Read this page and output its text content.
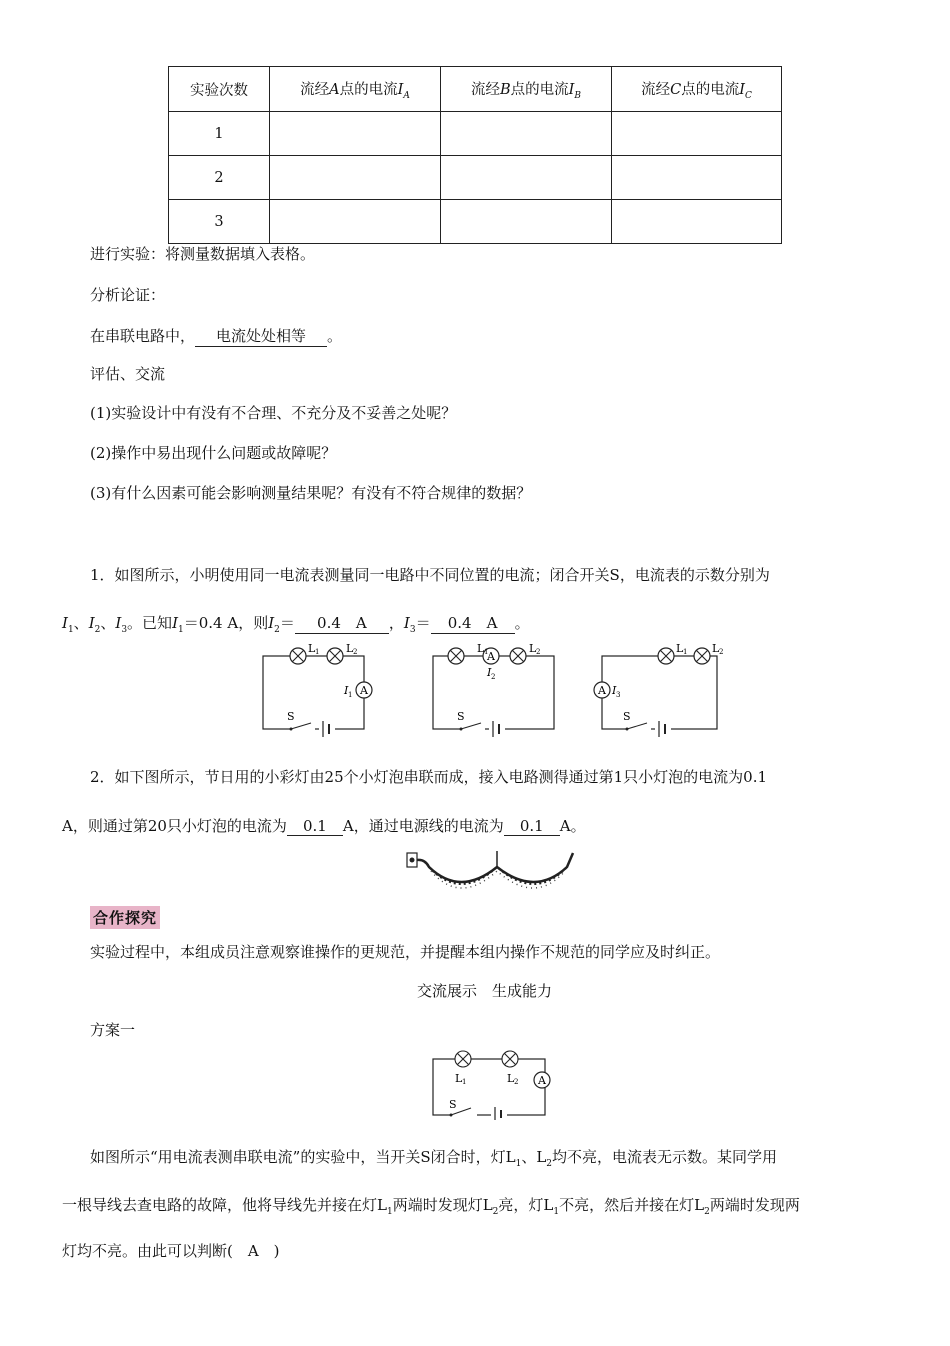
实验次数	流经A点的电流$I_A$	流经B点的电流$I_B$	流经C点的电流$I_C$
1			
2			
3			
进行实验：将测量数据填入表格。
分析论证：
在串联电路中， 电流处处相等 。
评估、交流
(1)实验设计中有没有不合理、不充分及不妥善之处呢？
(2)操作中易出现什么问题或故障呢？
(3)有什么因素可能会影响测量结果呢？有没有不符合规律的数据？
1．如图所示，小明使用同一电流表测量同一电路中不同位置的电流；闭合开关S，电流表的示数分别为
$I_1$、$I_2$、$I_3$。已知$I_1=0.4$ A，则$I_2= 0.4$　A ，$I_3= 0.4$　A 。
A
L 1 L 2
I 1
S
A
L 1	L 2
I 2
S
A I 3
L 1 L 2
S
2．如下图所示，节日用的小彩灯由25个小灯泡串联而成，接入电路测得通过第1只小灯泡的电流为0.1
A，则通过第20只小灯泡的电流为 0.1 A，通过电源线的电流为 0.1 A。
合作探究
实验过程中，本组成员注意观察谁操作的更规范，并提醒本组内操作不规范的同学应及时纠正。
交流展示　生成能力
方案一
A
L 1	L 2
S
如图所示“用电流表测串联电流”的实验中，当开关S闭合时，灯$L_1$、$L_2$均不亮，电流表无示数。某同学用
一根导线去查电路的故障，他将导线先并接在灯$L_1$两端时发现灯$L_2$亮，灯$L_1$不亮，然后并接在灯$L_2$两端时发现两
灯均不亮。由此可以判断(　A　)
